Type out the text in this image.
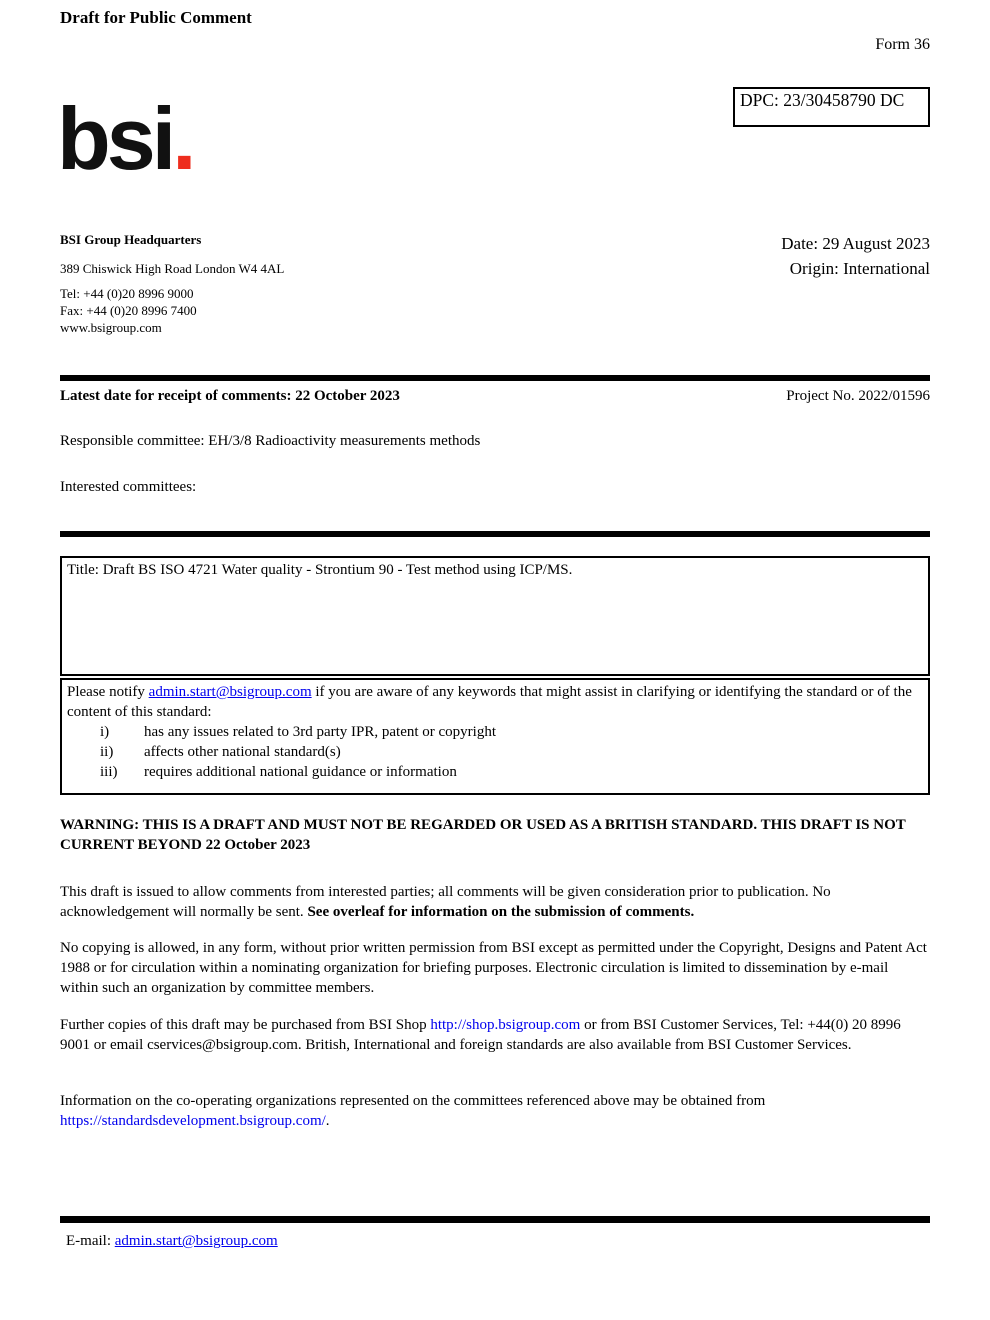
Draft for Public Comment
Form 36
DPC: 23/30458790 DC
bsi.
BSI Group Headquarters
389 Chiswick High Road London W4 4AL
Tel: +44 (0)20 8996 9000
Fax: +44 (0)20 8996 7400
www.bsigroup.com
Date: 29 August 2023
Origin: International
Latest date for receipt of comments: 22 October 2023	Project No. 2022/01596
Responsible committee: EH/3/8 Radioactivity measurements methods
Interested committees:
Title: Draft BS ISO 4721 Water quality - Strontium 90 - Test method using ICP/MS.
Please notify admin.start@bsigroup.com if you are aware of any keywords that might assist in clarifying or identifying the standard or of the content of this standard:
i)	has any issues related to 3rd party IPR, patent or copyright
ii)	affects other national standard(s)
iii)	requires additional national guidance or information
WARNING: THIS IS A DRAFT AND MUST NOT BE REGARDED OR USED AS A BRITISH STANDARD. THIS DRAFT IS NOT CURRENT BEYOND 22 October 2023
This draft is issued to allow comments from interested parties; all comments will be given consideration prior to publication. No acknowledgement will normally be sent. See overleaf for information on the submission of comments.
No copying is allowed, in any form, without prior written permission from BSI except as permitted under the Copyright, Designs and Patent Act 1988 or for circulation within a nominating organization for briefing purposes. Electronic circulation is limited to dissemination by e-mail within such an organization by committee members.
Further copies of this draft may be purchased from BSI Shop http://shop.bsigroup.com or from BSI Customer Services, Tel: +44(0) 20 8996 9001 or email cservices@bsigroup.com. British, International and foreign standards are also available from BSI Customer Services.
Information on the co-operating organizations represented on the committees referenced above may be obtained from https://standardsdevelopment.bsigroup.com/.
E-mail: admin.start@bsigroup.com
